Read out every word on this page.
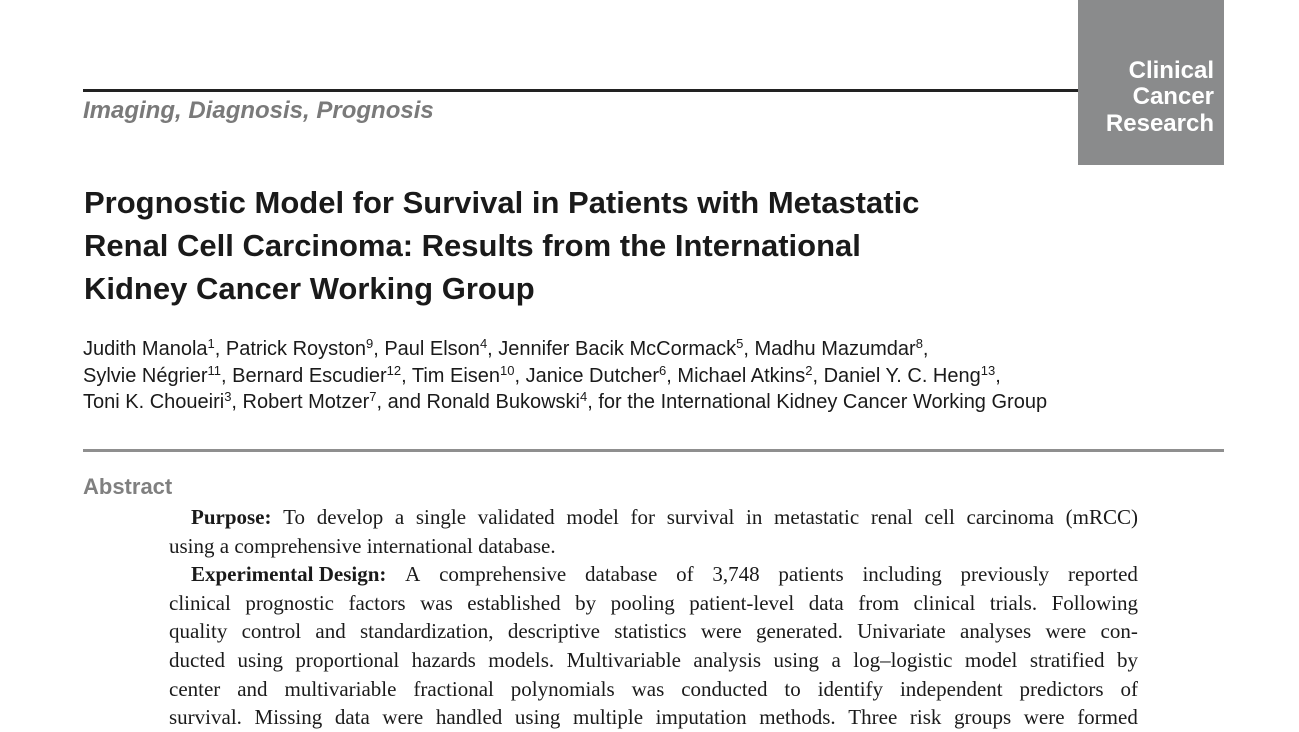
Clinical
Cancer
Research
Imaging, Diagnosis, Prognosis
Prognostic Model for Survival in Patients with Metastatic
Renal Cell Carcinoma: Results from the International
Kidney Cancer Working Group
Judith Manola$^1$, Patrick Royston$^9$, Paul Elson$^4$, Jennifer Bacik McCormack$^5$, Madhu Mazumdar$^8$,
Sylvie Négrier$^{11}$, Bernard Escudier$^{12}$, Tim Eisen$^{10}$, Janice Dutcher$^6$, Michael Atkins$^2$, Daniel Y. C. Heng$^{13}$,
Toni K. Choueiri$^3$, Robert Motzer$^7$, and Ronald Bukowski$^4$, for the International Kidney Cancer Working Group
Abstract
Purpose: To develop a single validated model for survival in metastatic renal cell carcinoma (mRCC)
using a comprehensive international database.
Experimental Design: A comprehensive database of 3,748 patients including previously reported
clinical prognostic factors was established by pooling patient-level data from clinical trials. Following
quality control and standardization, descriptive statistics were generated. Univariate analyses were con-
ducted using proportional hazards models. Multivariable analysis using a log–logistic model stratified by
center and multivariable fractional polynomials was conducted to identify independent predictors of
survival. Missing data were handled using multiple imputation methods. Three risk groups were formed
